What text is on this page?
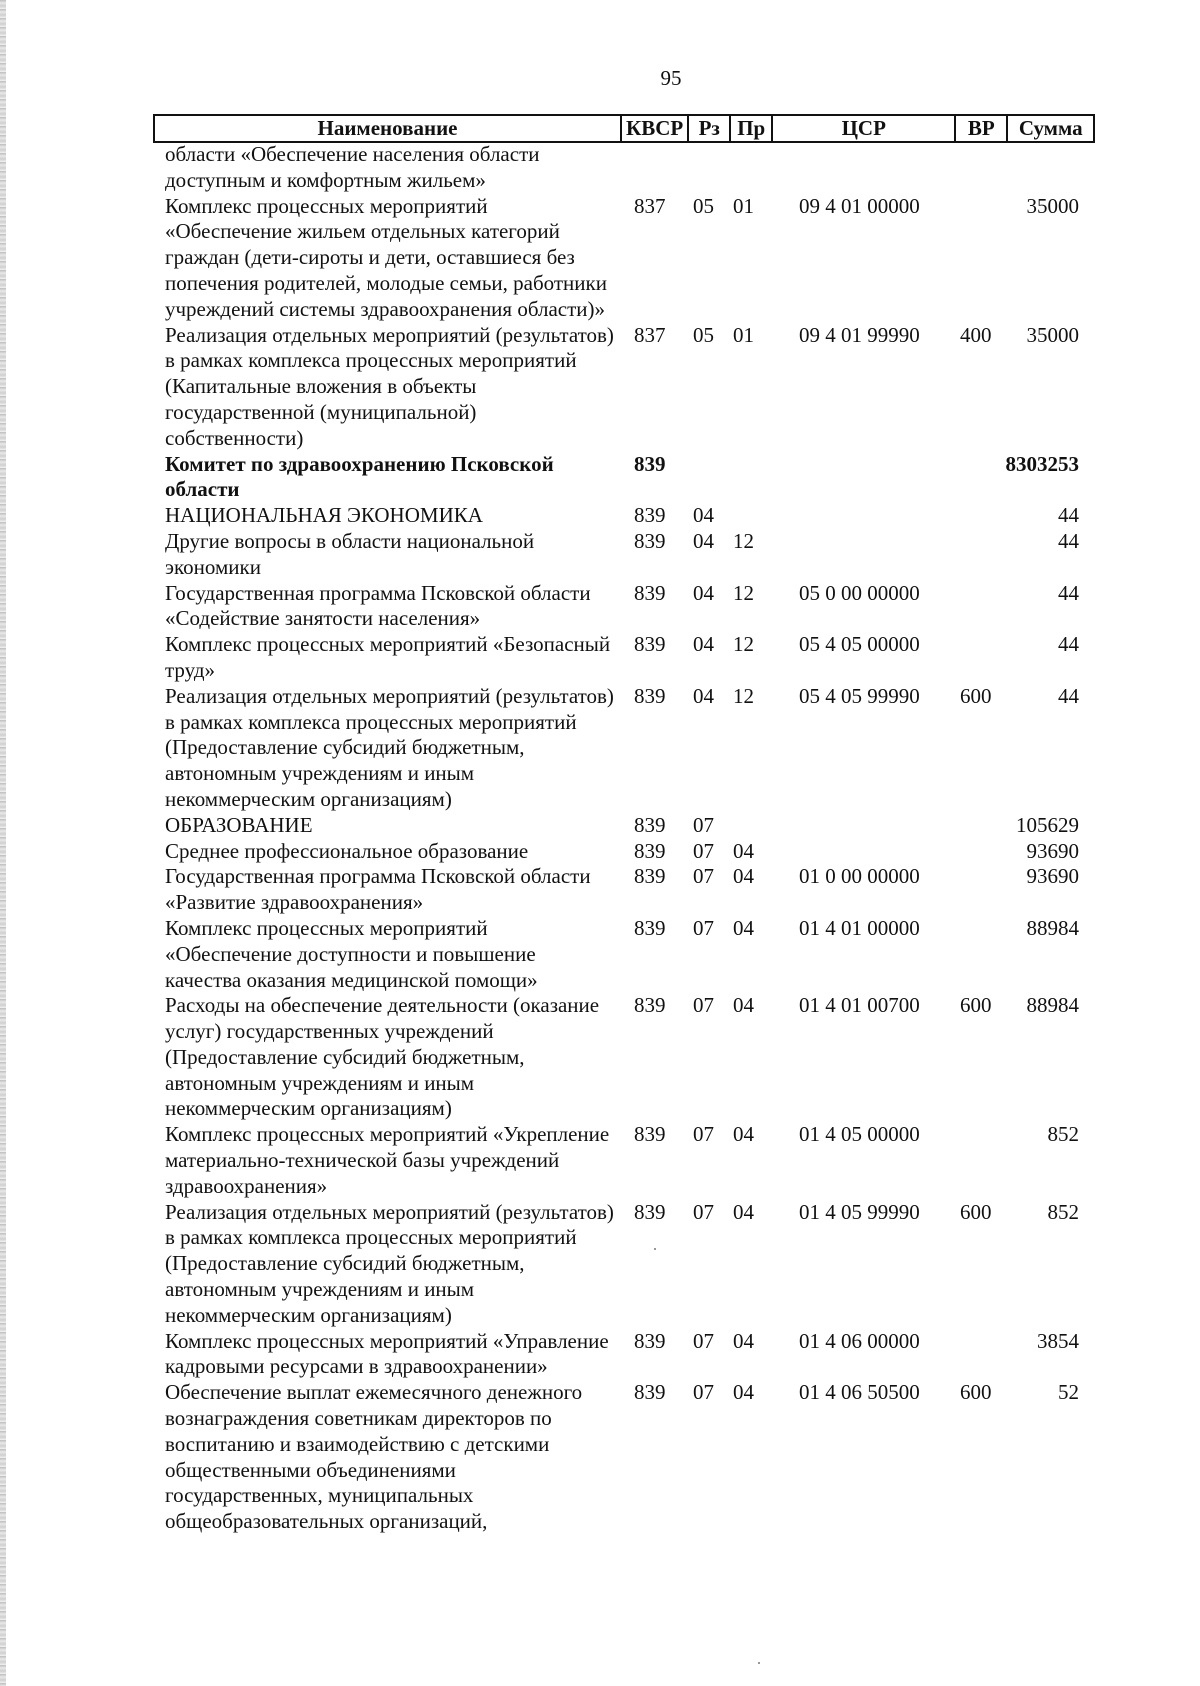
95
Наименование	КВСР	Рз	Пр	ЦСР	ВР	Сумма
области «Обеспечение населения области доступным и комфортным жильем»						
Комплекс процессных мероприятий «Обеспечение жильем отдельных категорий граждан (дети-сироты и дети, оставшиеся без попечения родителей, молодые семьи, работники учреждений системы здравоохранения области)»	837	05	01	09 4 01 00000		35000
Реализация отдельных мероприятий (результатов) в рамках комплекса процессных мероприятий (Капитальные вложения в объекты государственной (муниципальной) собственности)	837	05	01	09 4 01 99990	400	35000
Комитет по здравоохранению Псковской области	839					8303253
НАЦИОНАЛЬНАЯ ЭКОНОМИКА	839	04				44
Другие вопросы в области национальной экономики	839	04	12			44
Государственная программа Псковской области «Содействие занятости населения»	839	04	12	05 0 00 00000		44
Комплекс процессных мероприятий «Безопасный труд»	839	04	12	05 4 05 00000		44
Реализация отдельных мероприятий (результатов) в рамках комплекса процессных мероприятий (Предоставление субсидий бюджетным, автономным учреждениям и иным некоммерческим организациям)	839	04	12	05 4 05 99990	600	44
ОБРАЗОВАНИЕ	839	07				105629
Среднее профессиональное образование	839	07	04			93690
Государственная программа Псковской области «Развитие здравоохранения»	839	07	04	01 0 00 00000		93690
Комплекс процессных мероприятий «Обеспечение доступности и повышение качества оказания медицинской помощи»	839	07	04	01 4 01 00000		88984
Расходы на обеспечение деятельности (оказание услуг) государственных учреждений (Предоставление субсидий бюджетным, автономным учреждениям и иным некоммерческим организациям)	839	07	04	01 4 01 00700	600	88984
Комплекс процессных мероприятий «Укрепление материально-технической базы учреждений здравоохранения»	839	07	04	01 4 05 00000		852
Реализация отдельных мероприятий (результатов) в рамках комплекса процессных мероприятий (Предоставление субсидий бюджетным, автономным учреждениям и иным некоммерческим организациям)	839	07	04	01 4 05 99990	600	852
Комплекс процессных мероприятий «Управление кадровыми ресурсами в здравоохранении»	839	07	04	01 4 06 00000		3854
Обеспечение выплат ежемесячного денежного вознаграждения советникам директоров по воспитанию и взаимодействию с детскими общественными объединениями государственных, муниципальных общеобразовательных организаций,	839	07	04	01 4 06 50500	600	52
